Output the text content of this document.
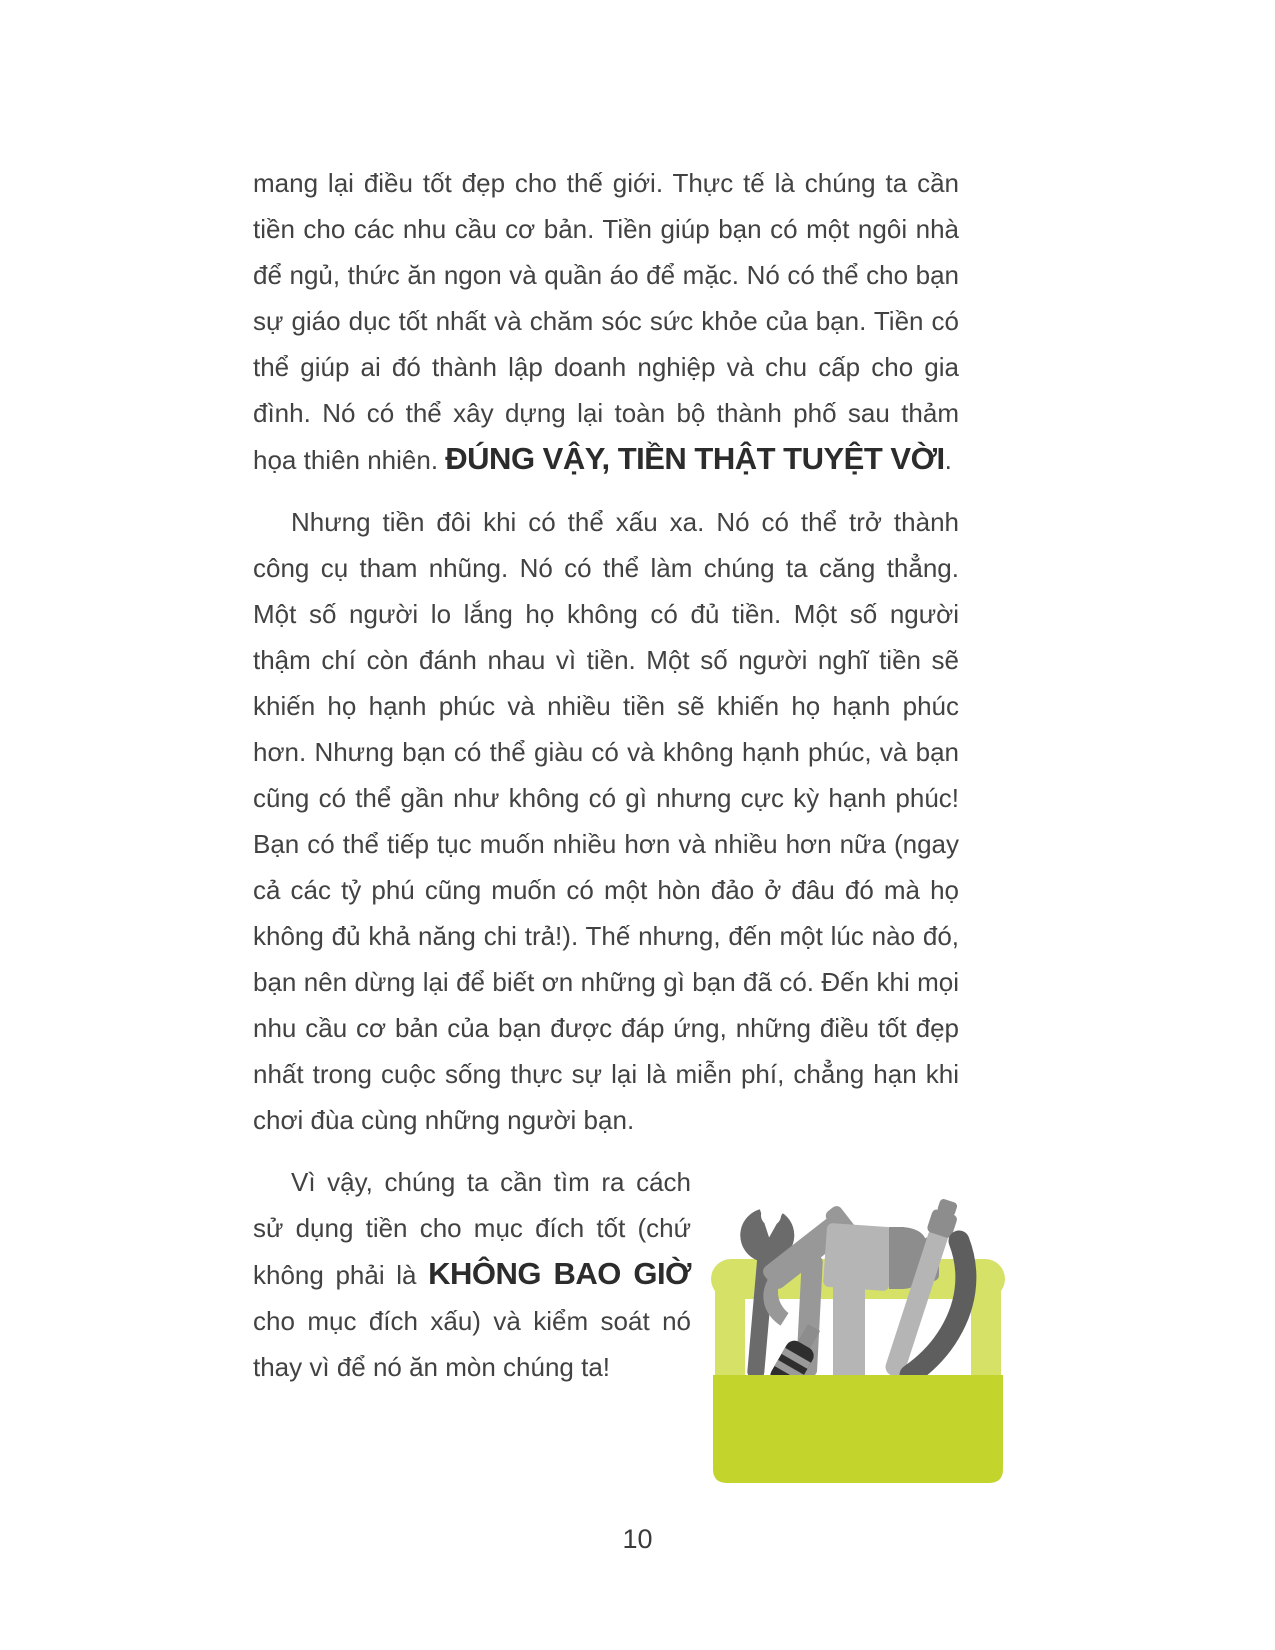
mang lại điều tốt đẹp cho thế giới. Thực tế là chúng ta cần tiền cho các nhu cầu cơ bản. Tiền giúp bạn có một ngôi nhà để ngủ, thức ăn ngon và quần áo để mặc. Nó có thể cho bạn sự giáo dục tốt nhất và chăm sóc sức khỏe của bạn. Tiền có thể giúp ai đó thành lập doanh nghiệp và chu cấp cho gia đình. Nó có thể xây dựng lại toàn bộ thành phố sau thảm họa thiên nhiên. ĐÚNG VẬY, TIỀN THẬT TUYỆT VỜI.

Nhưng tiền đôi khi có thể xấu xa. Nó có thể trở thành công cụ tham nhũng. Nó có thể làm chúng ta căng thẳng. Một số người lo lắng họ không có đủ tiền. Một số người thậm chí còn đánh nhau vì tiền. Một số người nghĩ tiền sẽ khiến họ hạnh phúc và nhiều tiền sẽ khiến họ hạnh phúc hơn. Nhưng bạn có thể giàu có và không hạnh phúc, và bạn cũng có thể gần như không có gì nhưng cực kỳ hạnh phúc! Bạn có thể tiếp tục muốn nhiều hơn và nhiều hơn nữa (ngay cả các tỷ phú cũng muốn có một hòn đảo ở đâu đó mà họ không đủ khả năng chi trả!). Thế nhưng, đến một lúc nào đó, bạn nên dừng lại để biết ơn những gì bạn đã có. Đến khi mọi nhu cầu cơ bản của bạn được đáp ứng, những điều tốt đẹp nhất trong cuộc sống thực sự lại là miễn phí, chẳng hạn khi chơi đùa cùng những người bạn.

Vì vậy, chúng ta cần tìm ra cách sử dụng tiền cho mục đích tốt (chứ không phải là KHÔNG BAO GIỜ cho mục đích xấu) và kiểm soát nó thay vì để nó ăn mòn chúng ta!

10
